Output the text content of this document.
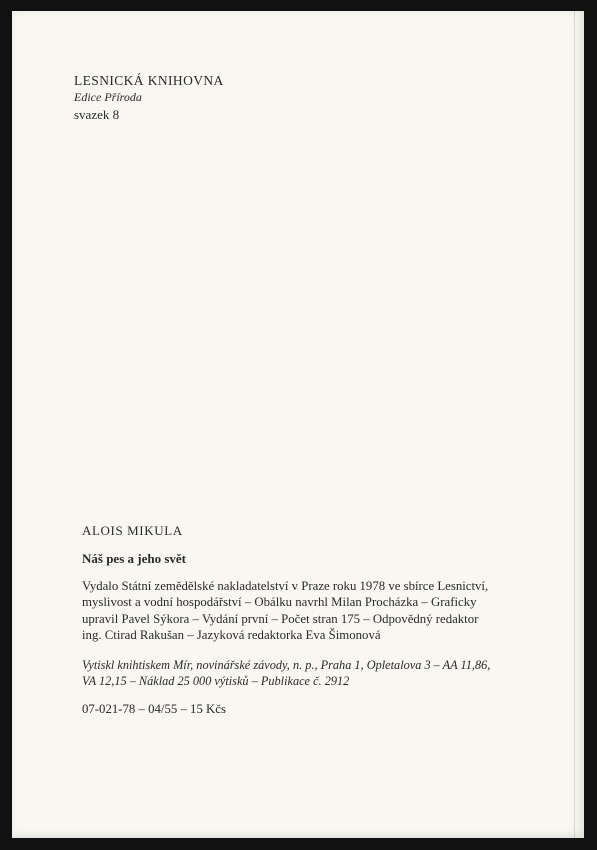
LESNICKÁ KNIHOVNA
Edice Příroda
svazek 8
ALOIS MIKULA
Náš pes a jeho svět
Vydalo Státní zemědělské nakladatelství v Praze roku 1978 ve sbírce Lesnictví,
myslivost a vodní hospodářství – Obálku navrhl Milan Procházka – Graficky
upravil Pavel Sýkora – Vydání první – Počet stran 175 – Odpovědný redaktor
ing. Ctirad Rakušan – Jazyková redaktorka Eva Šimonová
Vytiskl knihtiskem Mír, novinářské závody, n. p., Praha 1, Opletalova 3 – AA 11,86,
VA 12,15 – Náklad 25 000 výtisků – Publikace č. 2912
07-021-78 – 04/55 – 15 Kčs
